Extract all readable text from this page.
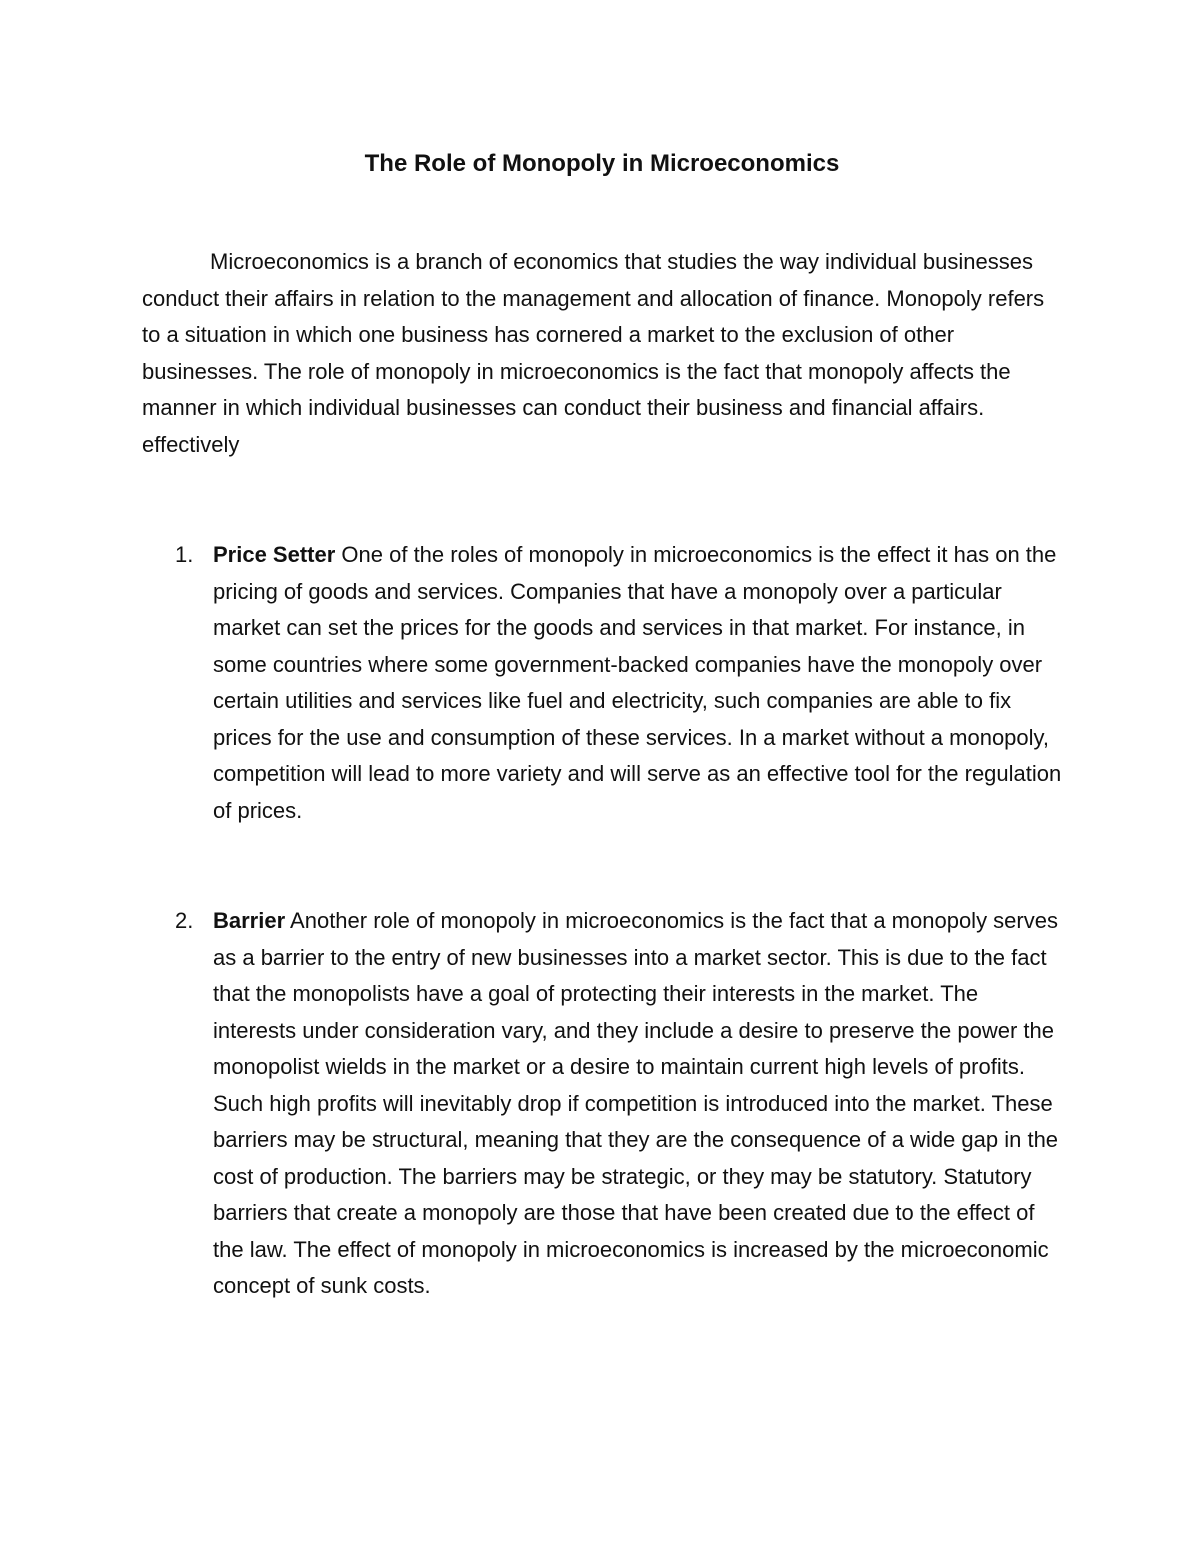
The Role of Monopoly in Microeconomics

Microeconomics is a branch of economics that studies the way individual businesses conduct their affairs in relation to the management and allocation of finance. Monopoly refers to a situation in which one business has cornered a market to the exclusion of other businesses. The role of monopoly in microeconomics is the fact that monopoly affects the manner in which individual businesses can conduct their business and financial affairs. effectively

1. Price Setter One of the roles of monopoly in microeconomics is the effect it has on the pricing of goods and services. Companies that have a monopoly over a particular market can set the prices for the goods and services in that market. For instance, in some countries where some government-backed companies have the monopoly over certain utilities and services like fuel and electricity, such companies are able to fix prices for the use and consumption of these services. In a market without a monopoly, competition will lead to more variety and will serve as an effective tool for the regulation of prices.
2. Barrier Another role of monopoly in microeconomics is the fact that a monopoly serves as a barrier to the entry of new businesses into a market sector. This is due to the fact that the monopolists have a goal of protecting their interests in the market. The interests under consideration vary, and they include a desire to preserve the power the monopolist wields in the market or a desire to maintain current high levels of profits. Such high profits will inevitably drop if competition is introduced into the market. These barriers may be structural, meaning that they are the consequence of a wide gap in the cost of production. The barriers may be strategic, or they may be statutory. Statutory barriers that create a monopoly are those that have been created due to the effect of the law. The effect of monopoly in microeconomics is increased by the microeconomic concept of sunk costs.
